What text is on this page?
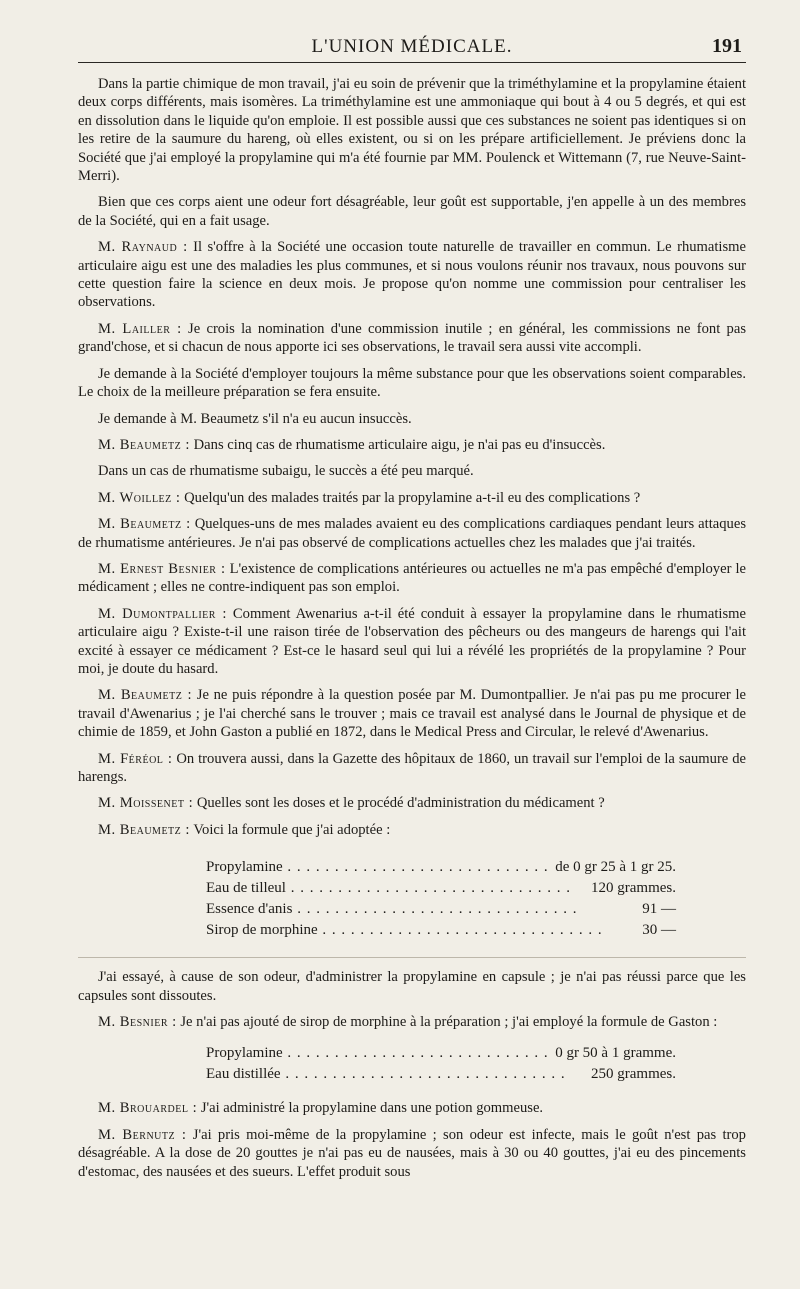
L'UNION MÉDICALE.	191

Dans la partie chimique de mon travail, j'ai eu soin de prévenir que la triméthylamine et la propylamine étaient deux corps différents, mais isomères. La triméthylamine est une ammoniaque qui bout à 4 ou 5 degrés, et qui est en dissolution dans le liquide qu'on emploie. Il est possible aussi que ces substances ne soient pas identiques si on les retire de la saumure du hareng, où elles existent, ou si on les prépare artificiellement. Je préviens donc la Société que j'ai employé la propylamine qui m'a été fournie par MM. Poulenck et Wittemann (7, rue Neuve-Saint-Merri).

Bien que ces corps aient une odeur fort désagréable, leur goût est supportable, j'en appelle à un des membres de la Société, qui en a fait usage.

M. Raynaud : Il s'offre à la Société une occasion toute naturelle de travailler en commun. Le rhumatisme articulaire aigu est une des maladies les plus communes, et si nous voulons réunir nos travaux, nous pouvons sur cette question faire la science en deux mois. Je propose qu'on nomme une commission pour centraliser les observations.

M. Lailler : Je crois la nomination d'une commission inutile ; en général, les commissions ne font pas grand'chose, et si chacun de nous apporte ici ses observations, le travail sera aussi vite accompli.

Je demande à la Société d'employer toujours la même substance pour que les observations soient comparables. Le choix de la meilleure préparation se fera ensuite.

Je demande à M. Beaumetz s'il n'a eu aucun insuccès.

M. Beaumetz : Dans cinq cas de rhumatisme articulaire aigu, je n'ai pas eu d'insuccès.

Dans un cas de rhumatisme subaigu, le succès a été peu marqué.

M. Woillez : Quelqu'un des malades traités par la propylamine a-t-il eu des complications ?

M. Beaumetz : Quelques-uns de mes malades avaient eu des complications cardiaques pendant leurs attaques de rhumatisme antérieures. Je n'ai pas observé de complications actuelles chez les malades que j'ai traités.

M. Ernest Besnier : L'existence de complications antérieures ou actuelles ne m'a pas empêché d'employer le médicament ; elles ne contre-indiquent pas son emploi.

M. Dumontpallier : Comment Awenarius a-t-il été conduit à essayer la propylamine dans le rhumatisme articulaire aigu ? Existe-t-il une raison tirée de l'observation des pêcheurs ou des mangeurs de harengs qui l'ait excité à essayer ce médicament ? Est-ce le hasard seul qui lui a révélé les propriétés de la propylamine ? Pour moi, je doute du hasard.

M. Beaumetz : Je ne puis répondre à la question posée par M. Dumontpallier. Je n'ai pas pu me procurer le travail d'Awenarius ; je l'ai cherché sans le trouver ; mais ce travail est analysé dans le Journal de physique et de chimie de 1859, et John Gaston a publié en 1872, dans le Medical Press and Circular, le relevé d'Awenarius.

M. Féréol : On trouvera aussi, dans la Gazette des hôpitaux de 1860, un travail sur l'emploi de la saumure de harengs.

M. Moissenet : Quelles sont les doses et le procédé d'administration du médicament ?

M. Beaumetz : Voici la formule que j'ai adoptée :

Propylamine . . .	de 0 gr 25 à 1 gr 25.
Eau de tilleul . . .	120 grammes.
Essence d'anis . . .	91 —
Sirop de morphine . . .	30 —

J'ai essayé, à cause de son odeur, d'administrer la propylamine en capsule ; je n'ai pas réussi parce que les capsules sont dissoutes.

M. Besnier : Je n'ai pas ajouté de sirop de morphine à la préparation ; j'ai employé la formule de Gaston :

Propylamine . . .	0 gr 50 à 1 gramme.
Eau distillée . . .	250 grammes.

M. Brouardel : J'ai administré la propylamine dans une potion gommeuse.

M. Bernutz : J'ai pris moi-même de la propylamine ; son odeur est infecte, mais le goût n'est pas trop désagréable. A la dose de 20 gouttes je n'ai pas eu de nausées, mais à 30 ou 40 gouttes, j'ai eu des pincements d'estomac, des nausées et des sueurs. L'effet produit sous
